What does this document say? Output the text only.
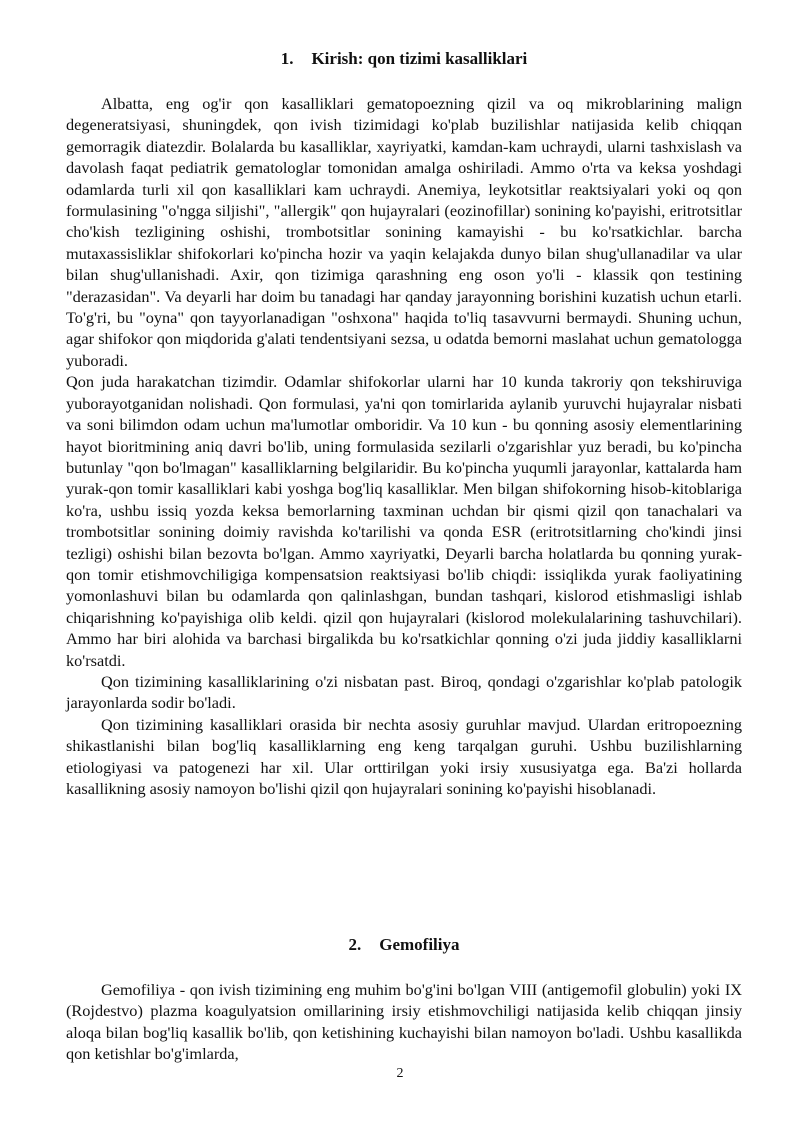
1. Kirish: qon tizimi kasalliklari

Albatta, eng og'ir qon kasalliklari gematopoezning qizil va oq mikroblarining malign degeneratsiyasi, shuningdek, qon ivish tizimidagi ko'plab buzilishlar natijasida kelib chiqqan gemorragik diatezdir. Bolalarda bu kasalliklar, xayriyatki, kamdan-kam uchraydi, ularni tashxislash va davolash faqat pediatrik gematologlar tomonidan amalga oshiriladi. Ammo o'rta va keksa yoshdagi odamlarda turli xil qon kasalliklari kam uchraydi. Anemiya, leykotsitlar reaktsiyalari yoki oq qon formulasining "o'ngga siljishi", "allergik" qon hujayralari (eozinofillar) sonining ko'payishi, eritrotsitlar cho'kish tezligining oshishi, trombotsitlar sonining kamayishi - bu ko'rsatkichlar. barcha mutaxassisliklar shifokorlari ko'pincha hozir va yaqin kelajakda dunyo bilan shug'ullanadilar va ular bilan shug'ullanishadi. Axir, qon tizimiga qarashning eng oson yo'li - klassik qon testining "derazasidan". Va deyarli har doim bu tanadagi har qanday jarayonning borishini kuzatish uchun etarli. To'g'ri, bu "oyna" qon tayyorlanadigan "oshxona" haqida to'liq tasavvurni bermaydi. Shuning uchun, agar shifokor qon miqdorida g'alati tendentsiyani sezsa, u odatda bemorni maslahat uchun gematologga yuboradi.

Qon juda harakatchan tizimdir. Odamlar shifokorlar ularni har 10 kunda takroriy qon tekshiruviga yuborayotganidan nolishadi. Qon formulasi, ya'ni qon tomirlarida aylanib yuruvchi hujayralar nisbati va soni bilimdon odam uchun ma'lumotlar omboridir. Va 10 kun - bu qonning asosiy elementlarining hayot bioritmining aniq davri bo'lib, uning formulasida sezilarli o'zgarishlar yuz beradi, bu ko'pincha butunlay "qon bo'lmagan" kasalliklarning belgilaridir. Bu ko'pincha yuqumli jarayonlar, kattalarda ham yurak-qon tomir kasalliklari kabi yoshga bog'liq kasalliklar. Men bilgan shifokorning hisob-kitoblariga ko'ra, ushbu issiq yozda keksa bemorlarning taxminan uchdan bir qismi qizil qon tanachalari va trombotsitlar sonining doimiy ravishda ko'tarilishi va qonda ESR (eritrotsitlarning cho'kindi jinsi tezligi) oshishi bilan bezovta bo'lgan. Ammo xayriyatki, Deyarli barcha holatlarda bu qonning yurak-qon tomir etishmovchiligiga kompensatsion reaktsiyasi bo'lib chiqdi: issiqlikda yurak faoliyatining yomonlashuvi bilan bu odamlarda qon qalinlashgan, bundan tashqari, kislorod etishmasligi ishlab chiqarishning ko'payishiga olib keldi. qizil qon hujayralari (kislorod molekulalarining tashuvchilari). Ammo har biri alohida va barchasi birgalikda bu ko'rsatkichlar qonning o'zi juda jiddiy kasalliklarni ko'rsatdi.

Qon tizimining kasalliklarining o'zi nisbatan past. Biroq, qondagi o'zgarishlar ko'plab patologik jarayonlarda sodir bo'ladi.

Qon tizimining kasalliklari orasida bir nechta asosiy guruhlar mavjud. Ulardan eritropoezning shikastlanishi bilan bog'liq kasalliklarning eng keng tarqalgan guruhi. Ushbu buzilishlarning etiologiyasi va patogenezi har xil. Ular orttirilgan yoki irsiy xususiyatga ega. Ba'zi hollarda kasallikning asosiy namoyon bo'lishi qizil qon hujayralari sonining ko'payishi hisoblanadi.

2. Gemofiliya

Gemofiliya - qon ivish tizimining eng muhim bo'g'ini bo'lgan VIII (antigemofil globulin) yoki IX (Rojdestvo) plazma koagulyatsion omillarining irsiy etishmovchiligi natijasida kelib chiqqan jinsiy aloqa bilan bog'liq kasallik bo'lib, qon ketishining kuchayishi bilan namoyon bo'ladi. Ushbu kasallikda qon ketishlar bo'g'imlarda,

2
